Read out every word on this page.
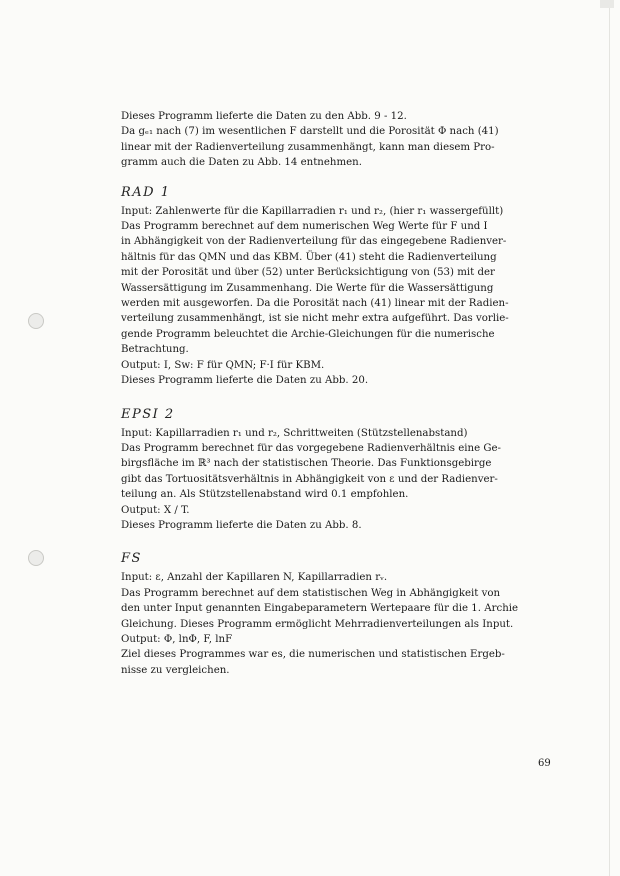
Dieses Programm lieferte die Daten zu den Abb. 9 - 12.
Da gₑ₁ nach (7) im wesentlichen F darstellt und die Porosität Φ nach (41)
linear mit der Radienverteilung zusammenhängt, kann man diesem Pro-
gramm auch die Daten zu Abb. 14 entnehmen.
RAD 1
Input: Zahlenwerte für die Kapillarradien r₁ und r₂, (hier r₁ wassergefüllt)
Das Programm berechnet auf dem numerischen Weg Werte für F und I
in Abhängigkeit von der Radienverteilung für das eingegebene Radienver-
hältnis für das QMN und das KBM. Über (41) steht die Radienverteilung
mit der Porosität und über (52) unter Berücksichtigung von (53) mit der
Wassersättigung im Zusammenhang. Die Werte für die Wassersättigung
werden mit ausgeworfen. Da die Porosität nach (41) linear mit der Radien-
verteilung zusammenhängt, ist sie nicht mehr extra aufgeführt. Das vorlie-
gende Programm beleuchtet die Archie-Gleichungen für die numerische
Betrachtung.
Output: I, Sᴡ: F für QMN; F·I für KBM.
Dieses Programm lieferte die Daten zu Abb. 20.
EPSI 2
Input: Kapillarradien r₁ und r₂, Schrittweiten (Stützstellenabstand)
Das Programm berechnet für das vorgegebene Radienverhältnis eine Ge-
birgsfläche im ℝ³ nach der statistischen Theorie. Das Funktionsgebirge
gibt das Tortuositätsverhältnis in Abhängigkeit von ε und der Radienver-
teilung an. Als Stützstellenabstand wird 0.1 empfohlen.
Output: X / T.
Dieses Programm lieferte die Daten zu Abb. 8.
FS
Input: ε, Anzahl der Kapillaren N, Kapillarradien rᵥ.
Das Programm berechnet auf dem statistischen Weg in Abhängigkeit von
den unter Input genannten Eingabeparametern Wertepaare für die 1. Archie
Gleichung. Dieses Programm ermöglicht Mehrradienverteilungen als Input.
Output: Φ, lnΦ, F, lnF
Ziel dieses Programmes war es, die numerischen und statistischen Ergeb-
nisse zu vergleichen.
69
